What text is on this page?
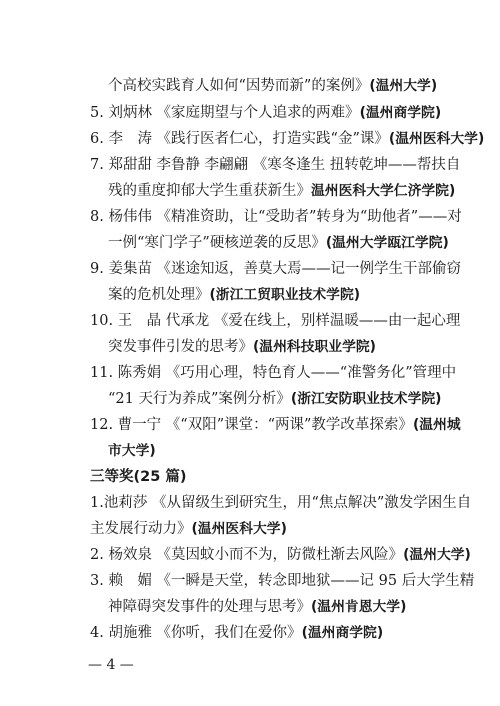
个高校实践育人如何“因势而新”的案例》(温州大学)
5. 刘炳林 《家庭期望与个人追求的两难》(温州商学院)
6. 李　涛 《践行医者仁心，打造实践“金”课》(温州医科大学)
7. 郑甜甜 李鲁静 李翩翩 《寒冬逢生 扭转乾坤——帮扶自
残的重度抑郁大学生重获新生》温州医科大学仁济学院)
8. 杨伟伟 《精准资助，让“受助者”转身为“助他者”——对
一例“寒门学子”硬核逆袭的反思》(温州大学瓯江学院)
9. 姜集苗 《迷途知返，善莫大焉——记一例学生干部偷窃
案的危机处理》(浙江工贸职业技术学院)
10. 王　晶 代承龙 《爱在线上，别样温暖——由一起心理
突发事件引发的思考》(温州科技职业学院)
11. 陈秀娟 《巧用心理，特色育人——“准警务化”管理中
“21 天行为养成”案例分析》(浙江安防职业技术学院)
12. 曹一宁 《“双阳”课堂：“两课”教学改革探索》(温州城
市大学)
三等奖(25 篇)
1.池莉莎 《从留级生到研究生，用“焦点解决”激发学困生自
主发展行动力》(温州医科大学)
2. 杨效泉 《莫因蚊小而不为，防微杜渐去风险》(温州大学)
3. 赖　媚 《一瞬是天堂，转念即地狱——记 95 后大学生精
神障碍突发事件的处理与思考》(温州肯恩大学)
4. 胡施雅 《你听，我们在爱你》(温州商学院)
— 4 —
